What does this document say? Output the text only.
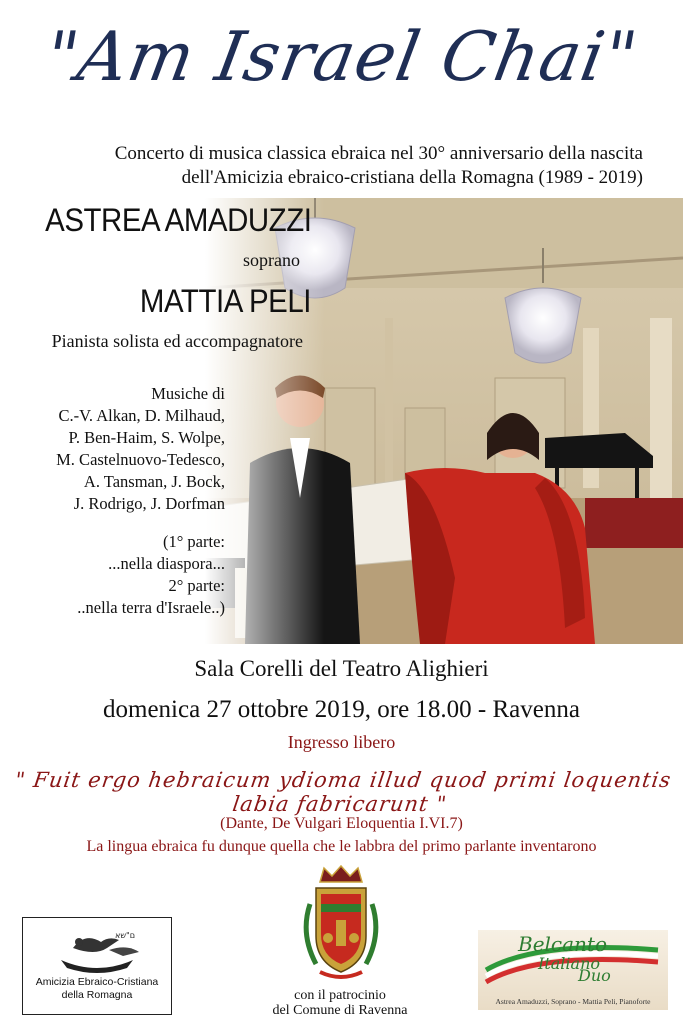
"Am Israel Chai"
Concerto di musica classica ebraica nel 30° anniversario della nascita
dell'Amicizia ebraico-cristiana della Romagna (1989 - 2019)
ASTREA AMADUZZI
soprano
MATTIA PELI
Pianista solista ed accompagnatore
Musiche di
C.-V. Alkan, D. Milhaud,
P. Ben-Haim, S. Wolpe,
M. Castelnuovo-Tedesco,
A. Tansman, J. Bock,
J. Rodrigo, J. Dorfman
(1° parte:
...nella diaspora...
2° parte:
..nella terra d'Israele..)
Sala Corelli del Teatro Alighieri
domenica 27 ottobre 2019, ore 18.00 - Ravenna
Ingresso libero
" Fuit ergo hebraicum ydioma illud quod primi loquentis labia fabricarunt "
(Dante, De Vulgari Eloquentia I.VI.7)
La lingua ebraica fu dunque quella che le labbra del primo parlante inventarono
ם"שא
Amicizia Ebraico-Cristiana
della Romagna	con il patrocinio
del Comune di Ravenna
Belcanto
Italiano
Duo
Astrea Amaduzzi, Soprano - Mattia Peli, Pianoforte
